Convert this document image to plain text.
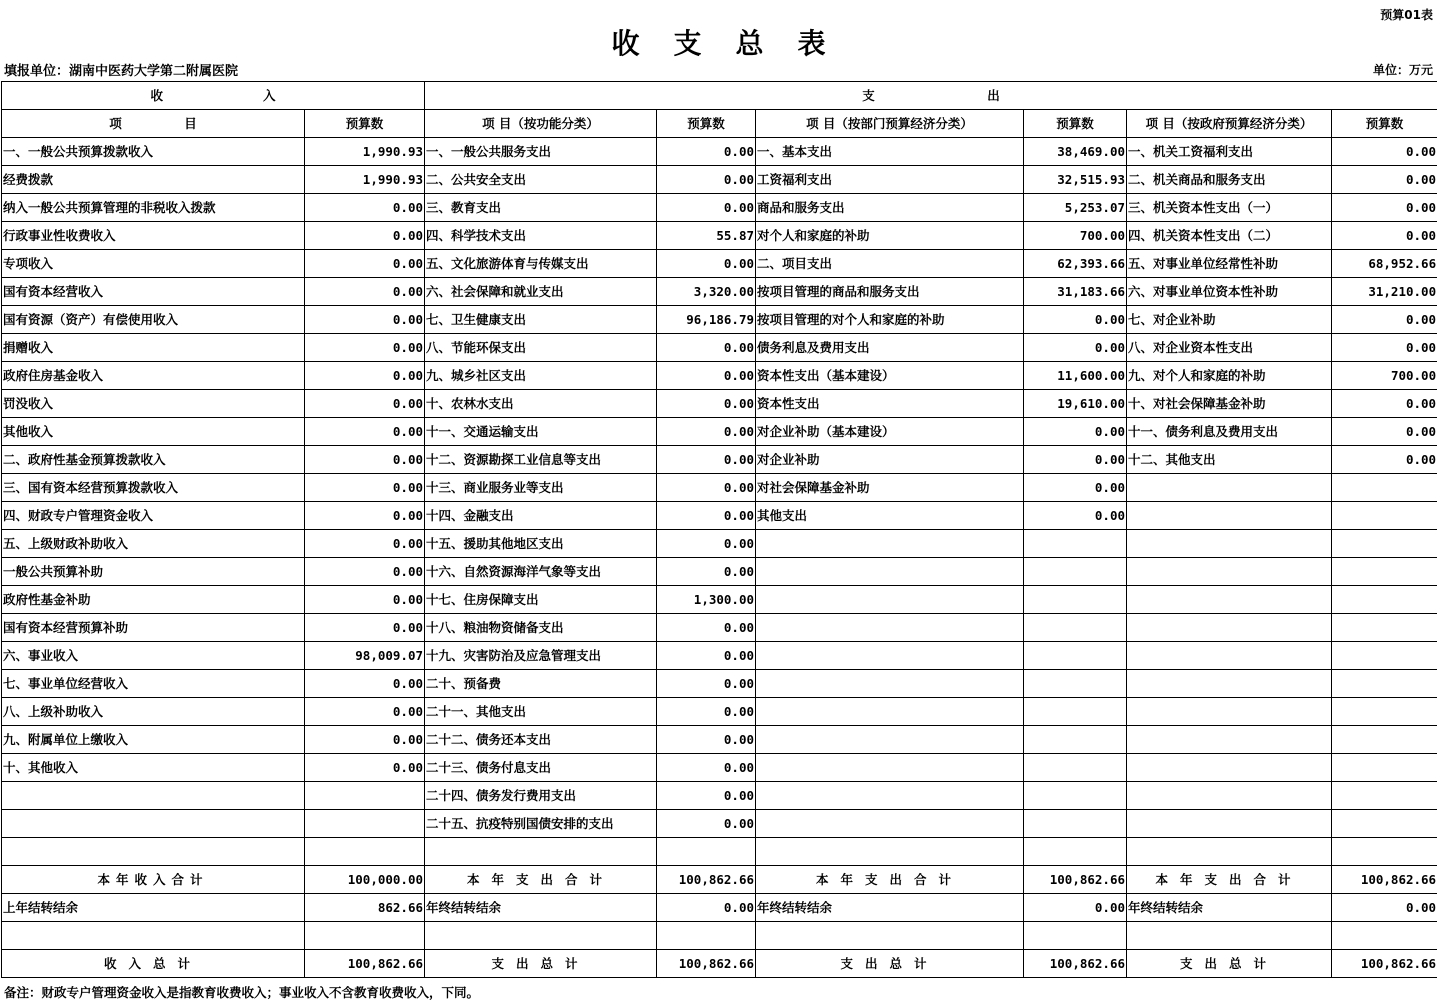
预算01表
收支总表
填报单位：湖南中医药大学第二附属医院	单位：万元
收　　　　　　　　入		支　　　　　　　　　出					
项　　　　　目	预算数	项 目（按功能分类）	预算数	项 目（按部门预算经济分类）	预算数	项 目（按政府预算经济分类）	预算数
一、一般公共预算拨款收入	1,990.93	一、一般公共服务支出	0.00	一、基本支出	38,469.00	一、机关工资福利支出	0.00
经费拨款	1,990.93	二、公共安全支出	0.00	工资福利支出	32,515.93	二、机关商品和服务支出	0.00
纳入一般公共预算管理的非税收入拨款	0.00	三、教育支出	0.00	商品和服务支出	5,253.07	三、机关资本性支出（一）	0.00
行政事业性收费收入	0.00	四、科学技术支出	55.87	对个人和家庭的补助	700.00	四、机关资本性支出（二）	0.00
专项收入	0.00	五、文化旅游体育与传媒支出	0.00	二、项目支出	62,393.66	五、对事业单位经常性补助	68,952.66
国有资本经营收入	0.00	六、社会保障和就业支出	3,320.00	按项目管理的商品和服务支出	31,183.66	六、对事业单位资本性补助	31,210.00
国有资源（资产）有偿使用收入	0.00	七、卫生健康支出	96,186.79	按项目管理的对个人和家庭的补助	0.00	七、对企业补助	0.00
捐赠收入	0.00	八、节能环保支出	0.00	债务利息及费用支出	0.00	八、对企业资本性支出	0.00
政府住房基金收入	0.00	九、城乡社区支出	0.00	资本性支出（基本建设）	11,600.00	九、对个人和家庭的补助	700.00
罚没收入	0.00	十、农林水支出	0.00	资本性支出	19,610.00	十、对社会保障基金补助	0.00
其他收入	0.00	十一、交通运输支出	0.00	对企业补助（基本建设）	0.00	十一、债务利息及费用支出	0.00
二、政府性基金预算拨款收入	0.00	十二、资源勘探工业信息等支出	0.00	对企业补助	0.00	十二、其他支出	0.00
三、国有资本经营预算拨款收入	0.00	十三、商业服务业等支出	0.00	对社会保障基金补助	0.00		
四、财政专户管理资金收入	0.00	十四、金融支出	0.00	其他支出	0.00		
五、上级财政补助收入	0.00	十五、援助其他地区支出	0.00				
一般公共预算补助	0.00	十六、自然资源海洋气象等支出	0.00				
政府性基金补助	0.00	十七、住房保障支出	1,300.00				
国有资本经营预算补助	0.00	十八、粮油物资储备支出	0.00				
六、事业收入	98,009.07	十九、灾害防治及应急管理支出	0.00				
七、事业单位经营收入	0.00	二十、预备费	0.00				
八、上级补助收入	0.00	二十一、其他支出	0.00				
九、附属单位上缴收入	0.00	二十二、债务还本支出	0.00				
十、其他收入	0.00	二十三、债务付息支出	0.00				
		二十四、债务发行费用支出	0.00				
		二十五、抗疫特别国债安排的支出	0.00				

本年收入合计	100,000.00	本年支出合计	100,862.66	本年支出合计	100,862.66	本年支出合计	100,862.66
上年结转结余	862.66	年终结转结余	0.00	年终结转结余	0.00	年终结转结余	0.00

收入总计	100,862.66	支出总计	100,862.66	支出总计	100,862.66	支出总计	100,862.66
备注：财政专户管理资金收入是指教育收费收入；事业收入不含教育收费收入，下同。
